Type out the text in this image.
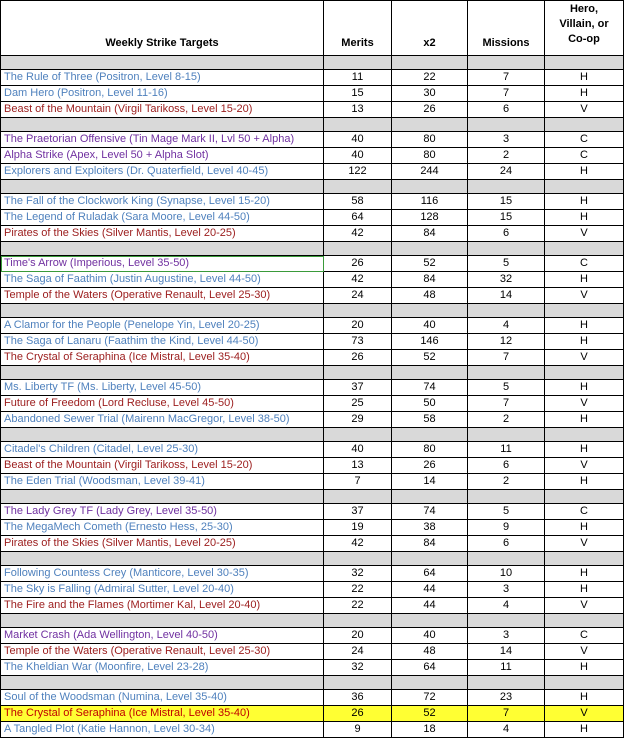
Weekly Strike Targets	Merits	x2	Missions	Hero,
Villain, or
Co-op

The Rule of Three (Positron, Level 8-15)	11	22	7	H
Dam Hero (Positron, Level 11-16)	15	30	7	H
Beast of the Mountain (Virgil Tarikoss, Level 15-20)	13	26	6	V

The Praetorian Offensive (Tin Mage Mark II, Lvl 50 + Alpha)	40	80	3	C
Alpha Strike (Apex, Level 50 + Alpha Slot)	40	80	2	C
Explorers and Exploiters (Dr. Quaterfield, Level 40-45)	122	244	24	H

The Fall of the Clockwork King (Synapse, Level 15-20)	58	116	15	H
The Legend of Ruladak (Sara Moore, Level 44-50)	64	128	15	H
Pirates of the Skies (Silver Mantis, Level 20-25)	42	84	6	V

Time's Arrow (Imperious, Level 35-50)	26	52	5	C
The Saga of Faathim (Justin Augustine, Level 44-50)	42	84	32	H
Temple of the Waters (Operative Renault, Level 25-30)	24	48	14	V

A Clamor for the People (Penelope Yin, Level 20-25)	20	40	4	H
The Saga of Lanaru (Faathim the Kind, Level 44-50)	73	146	12	H
The Crystal of Seraphina (Ice Mistral, Level 35-40)	26	52	7	V

Ms. Liberty TF (Ms. Liberty, Level 45-50)	37	74	5	H
Future of Freedom (Lord Recluse, Level 45-50)	25	50	7	V
Abandoned Sewer Trial (Mairenn MacGregor, Level 38-50)	29	58	2	H

Citadel's Children (Citadel, Level 25-30)	40	80	11	H
Beast of the Mountain (Virgil Tarikoss, Level 15-20)	13	26	6	V
The Eden Trial (Woodsman, Level 39-41)	7	14	2	H

The Lady Grey TF (Lady Grey, Level 35-50)	37	74	5	C
The MegaMech Cometh (Ernesto Hess, 25-30)	19	38	9	H
Pirates of the Skies (Silver Mantis, Level 20-25)	42	84	6	V

Following Countess Crey (Manticore, Level 30-35)	32	64	10	H
The Sky is Falling (Admiral Sutter, Level 20-40)	22	44	3	H
The Fire and the Flames (Mortimer Kal, Level 20-40)	22	44	4	V

Market Crash (Ada Wellington, Level 40-50)	20	40	3	C
Temple of the Waters (Operative Renault, Level 25-30)	24	48	14	V
The Kheldian War (Moonfire, Level 23-28)	32	64	11	H

Soul of the Woodsman (Numina, Level 35-40)	36	72	23	H
The Crystal of Seraphina (Ice Mistral, Level 35-40)	26	52	7	V
A Tangled Plot (Katie Hannon, Level 30-34)	9	18	4	H
